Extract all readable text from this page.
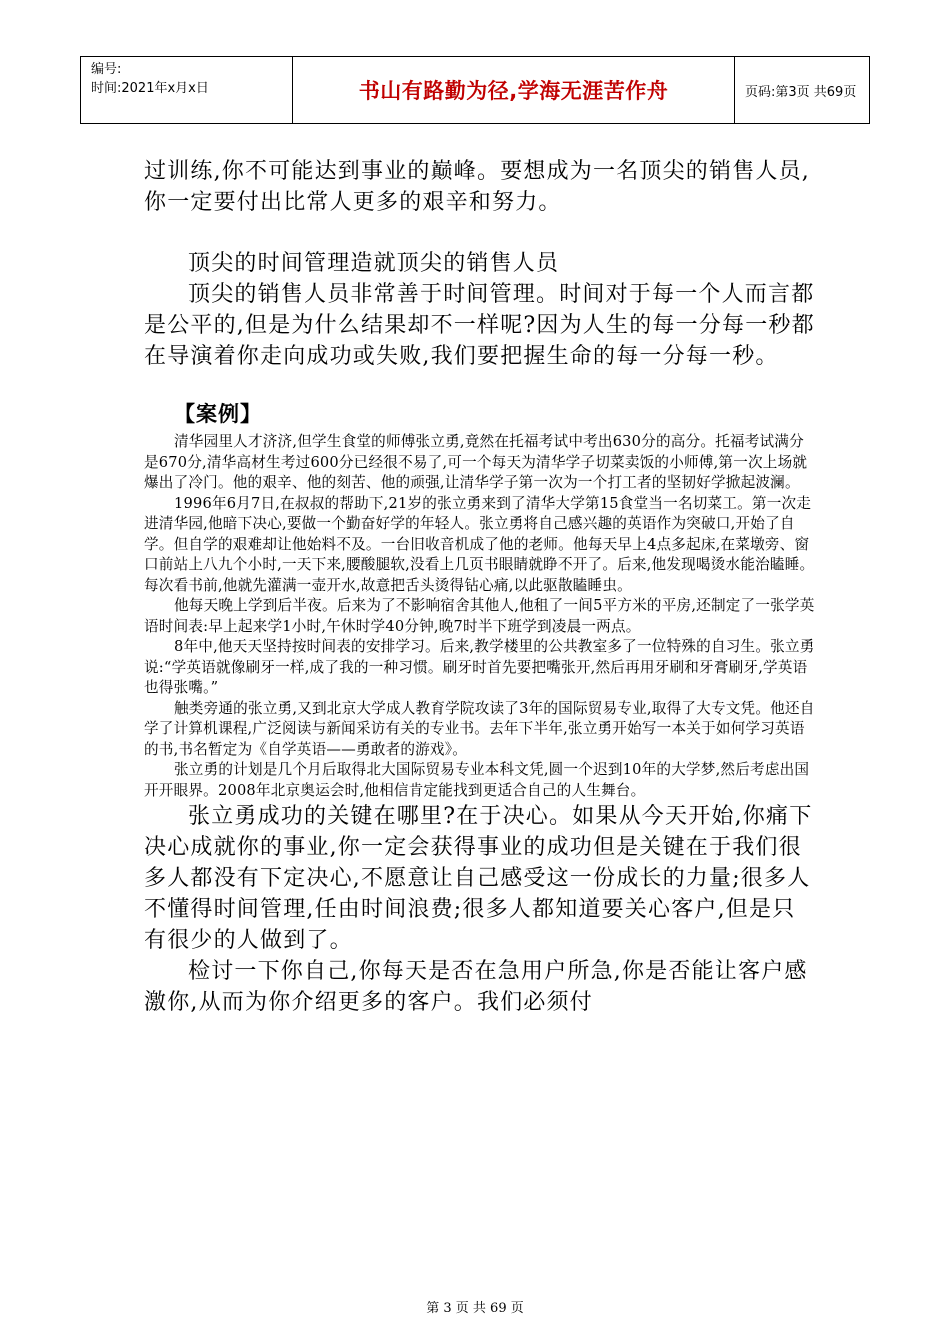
编号:
时间:2021年x月x日	书山有路勤为径,学海无涯苦作舟	页码:第3页 共69页

过训练,你不可能达到事业的巅峰。要想成为一名顶尖的销售人员,你一定要付出比常人更多的艰辛和努力。

顶尖的时间管理造就顶尖的销售人员

顶尖的销售人员非常善于时间管理。时间对于每一个人而言都是公平的,但是为什么结果却不一样呢?因为人生的每一分每一秒都在导演着你走向成功或失败,我们要把握生命的每一分每一秒。

【案例】

清华园里人才济济,但学生食堂的师傅张立勇,竟然在托福考试中考出630分的高分。托福考试满分是670分,清华高材生考过600分已经很不易了,可一个每天为清华学子切菜卖饭的小师傅,第一次上场就爆出了冷门。他的艰辛、他的刻苦、他的顽强,让清华学子第一次为一个打工者的坚韧好学掀起波澜。

1996年6月7日,在叔叔的帮助下,21岁的张立勇来到了清华大学第15食堂当一名切菜工。第一次走进清华园,他暗下决心,要做一个勤奋好学的年轻人。张立勇将自己感兴趣的英语作为突破口,开始了自学。但自学的艰难却让他始料不及。一台旧收音机成了他的老师。他每天早上4点多起床,在菜墩旁、窗口前站上八九个小时,一天下来,腰酸腿软,没看上几页书眼睛就睁不开了。后来,他发现喝烫水能治瞌睡。每次看书前,他就先灌满一壶开水,故意把舌头烫得钻心痛,以此驱散瞌睡虫。

他每天晚上学到后半夜。后来为了不影响宿舍其他人,他租了一间5平方米的平房,还制定了一张学英语时间表:早上起来学1小时,午休时学40分钟,晚7时半下班学到凌晨一两点。

8年中,他天天坚持按时间表的安排学习。后来,教学楼里的公共教室多了一位特殊的自习生。张立勇说:“学英语就像刷牙一样,成了我的一种习惯。刷牙时首先要把嘴张开,然后再用牙刷和牙膏刷牙,学英语也得张嘴。”

触类旁通的张立勇,又到北京大学成人教育学院攻读了3年的国际贸易专业,取得了大专文凭。他还自学了计算机课程,广泛阅读与新闻采访有关的专业书。去年下半年,张立勇开始写一本关于如何学习英语的书,书名暂定为《自学英语——勇敢者的游戏》。

张立勇的计划是几个月后取得北大国际贸易专业本科文凭,圆一个迟到10年的大学梦,然后考虑出国开开眼界。2008年北京奥运会时,他相信肯定能找到更适合自己的人生舞台。

张立勇成功的关键在哪里?在于决心。如果从今天开始,你痛下决心成就你的事业,你一定会获得事业的成功但是关键在于我们很多人都没有下定决心,不愿意让自己感受这一份成长的力量;很多人不懂得时间管理,任由时间浪费;很多人都知道要关心客户,但是只有很少的人做到了。

检讨一下你自己,你每天是否在急用户所急,你是否能让客户感激你,从而为你介绍更多的客户。我们必须付

第 3 页 共 69 页
